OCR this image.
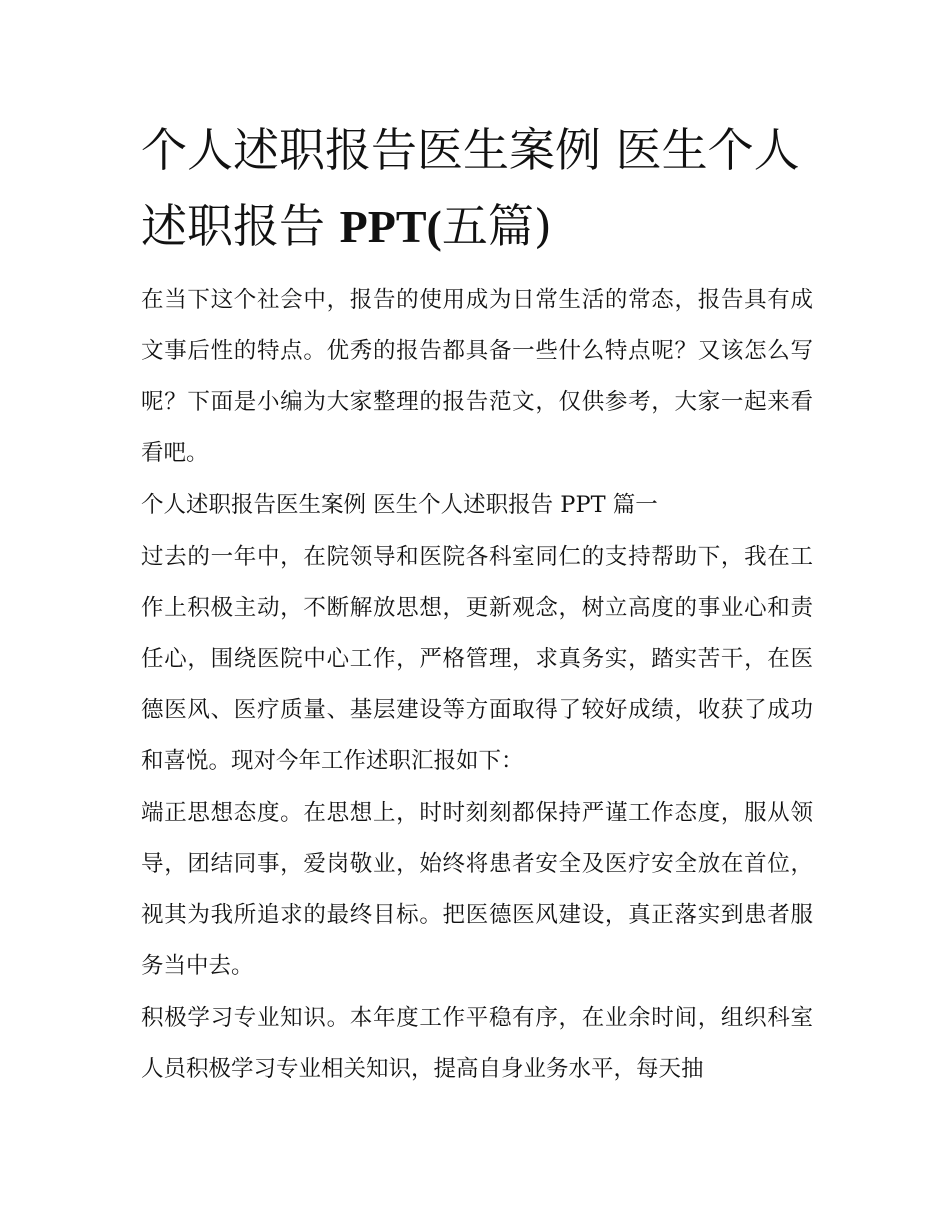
个人述职报告医生案例 医生个人述职报告 PPT(五篇)

在当下这个社会中，报告的使用成为日常生活的常态，报告具有成文事后性的特点。优秀的报告都具备一些什么特点呢？又该怎么写呢？下面是小编为大家整理的报告范文，仅供参考，大家一起来看看吧。

个人述职报告医生案例 医生个人述职报告 PPT 篇一

过去的一年中，在院领导和医院各科室同仁的支持帮助下，我在工作上积极主动，不断解放思想，更新观念，树立高度的事业心和责任心，围绕医院中心工作，严格管理，求真务实，踏实苦干，在医德医风、医疗质量、基层建设等方面取得了较好成绩，收获了成功和喜悦。现对今年工作述职汇报如下：

端正思想态度。在思想上，时时刻刻都保持严谨工作态度，服从领导，团结同事，爱岗敬业，始终将患者安全及医疗安全放在首位，视其为我所追求的最终目标。把医德医风建设，真正落实到患者服务当中去。

积极学习专业知识。本年度工作平稳有序，在业余时间，组织科室人员积极学习专业相关知识，提高自身业务水平，每天抽
